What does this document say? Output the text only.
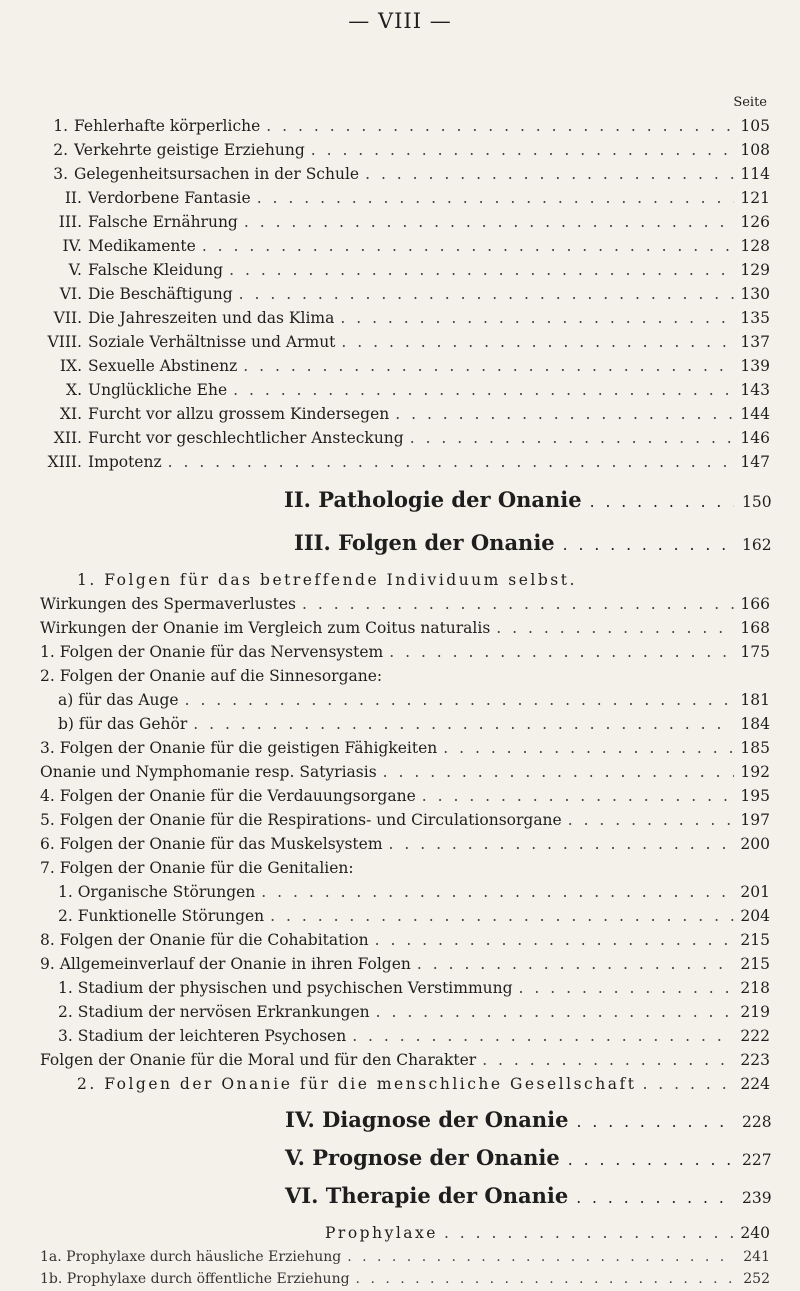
— VIII —
Seite
1. Fehlerhafte körperliche . . .	105
2. Verkehrte geistige Erziehung . . .	108
3. Gelegenheitsursachen in der Schule . . .	114
II. Verdorbene Fantasie . . .	121
III. Falsche Ernährung . . .	126
IV. Medikamente . . .	128
V. Falsche Kleidung . . .	129
VI. Die Beschäftigung . . .	130
VII. Die Jahreszeiten und das Klima . . .	135
VIII. Soziale Verhältnisse und Armut . . .	137
IX. Sexuelle Abstinenz . . .	139
X. Unglückliche Ehe . . .	143
XI. Furcht vor allzu grossem Kindersegen . . .	144
XII. Furcht vor geschlechtlicher Ansteckung . . .	146
XIII. Impotenz . . .	147
II. Pathologie der Onanie . . .	150
III. Folgen der Onanie . . .	162
1. Folgen für das betreffende Individuum selbst.
Wirkungen des Spermaverlustes . . .	166
Wirkungen der Onanie im Vergleich zum Coitus naturalis . . .	168
1. Folgen der Onanie für das Nervensystem . . .	175
2. Folgen der Onanie auf die Sinnesorgane:
a) für das Auge . . .	181
b) für das Gehör . . .	184
3. Folgen der Onanie für die geistigen Fähigkeiten . . .	185
Onanie und Nymphomanie resp. Satyriasis . . .	192
4. Folgen der Onanie für die Verdauungsorgane . . .	195
5. Folgen der Onanie für die Respirations- und Circulationsorgane . . .	197
6. Folgen der Onanie für das Muskelsystem . . .	200
7. Folgen der Onanie für die Genitalien:
1. Organische Störungen . . .	201
2. Funktionelle Störungen . . .	204
8. Folgen der Onanie für die Cohabitation . . .	215
9. Allgemeinverlauf der Onanie in ihren Folgen . . .	215
1. Stadium der physischen und psychischen Verstimmung . . .	218
2. Stadium der nervösen Erkrankungen . . .	219
3. Stadium der leichteren Psychosen . . .	222
Folgen der Onanie für die Moral und für den Charakter . . .	223
2. Folgen der Onanie für die menschliche Gesellschaft . . .	224
IV. Diagnose der Onanie . . .	228
V. Prognose der Onanie . . .	227
VI. Therapie der Onanie . . .	239
Prophylaxe . . .	240
1a. Prophylaxe durch häusliche Erziehung . . .	241
1b. Prophylaxe durch öffentliche Erziehung . . .	252
